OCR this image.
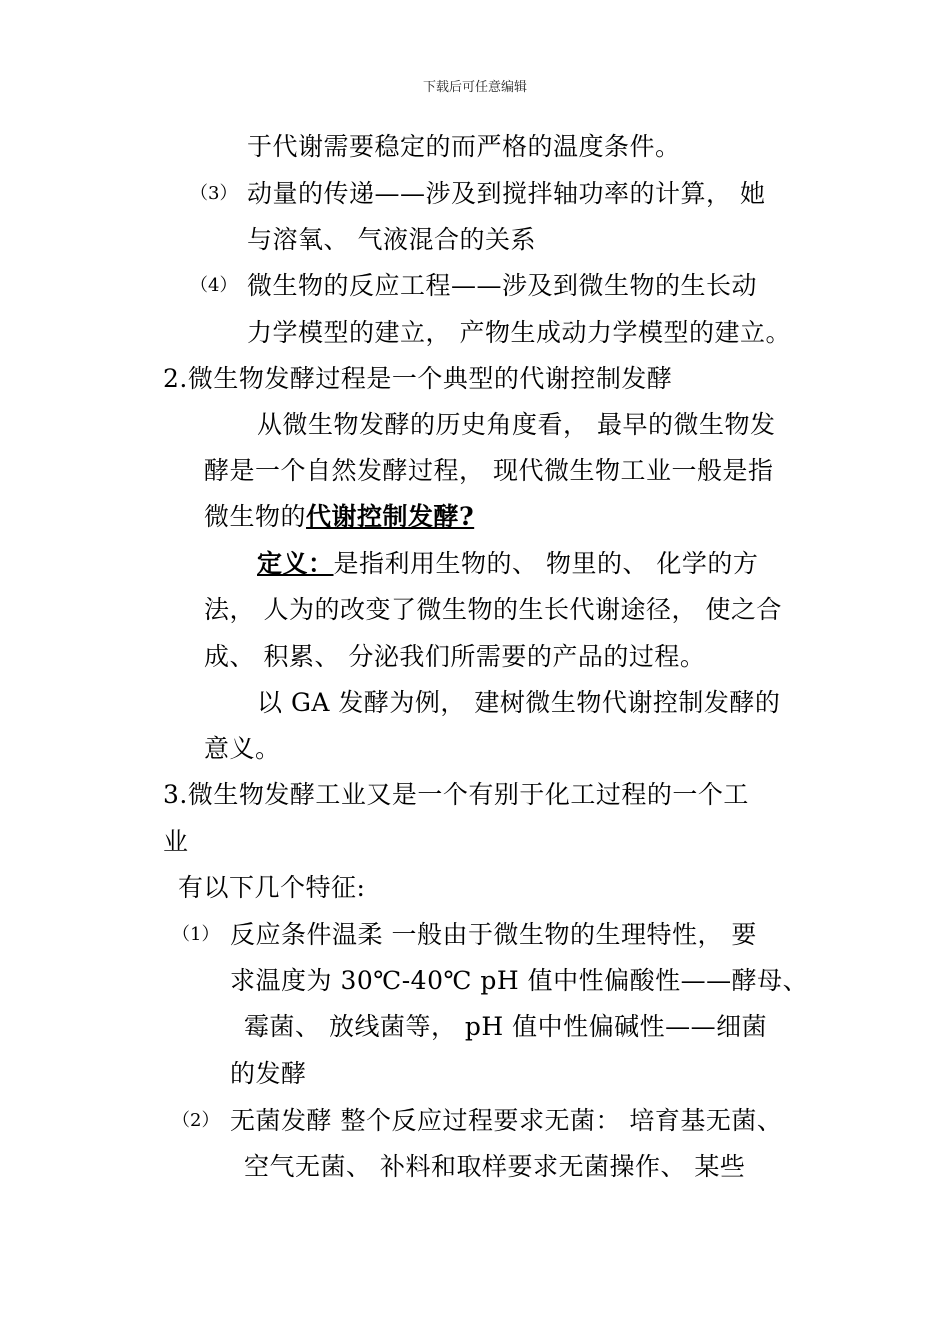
下载后可任意编辑
于代谢需要稳定的而严格的温度条件。
（3） 动量的传递——涉及到搅拌轴功率的计算， 她
与溶氧、 气液混合的关系
（4） 微生物的反应工程——涉及到微生物的生长动
力学模型的建立， 产物生成动力学模型的建立。
2.微生物发酵过程是一个典型的代谢控制发酵
从微生物发酵的历史角度看， 最早的微生物发
酵是一个自然发酵过程， 现代微生物工业一般是指
微生物的代谢控制发酵?
定义：是指利用生物的、 物里的、 化学的方
法， 人为的改变了微生物的生长代谢途径， 使之合
成、 积累、 分泌我们所需要的产品的过程。
以 GA 发酵为例， 建树微生物代谢控制发酵的
意义。
3.微生物发酵工业又是一个有别于化工过程的一个工
业
有以下几个特征:
（1） 反应条件温柔 一般由于微生物的生理特性， 要
求温度为 30℃-40℃ pH 值中性偏酸性——酵母、
霉菌、 放线菌等， pH 值中性偏碱性——细菌
的发酵
（2） 无菌发酵 整个反应过程要求无菌： 培育基无菌、
空气无菌、 补料和取样要求无菌操作、 某些
